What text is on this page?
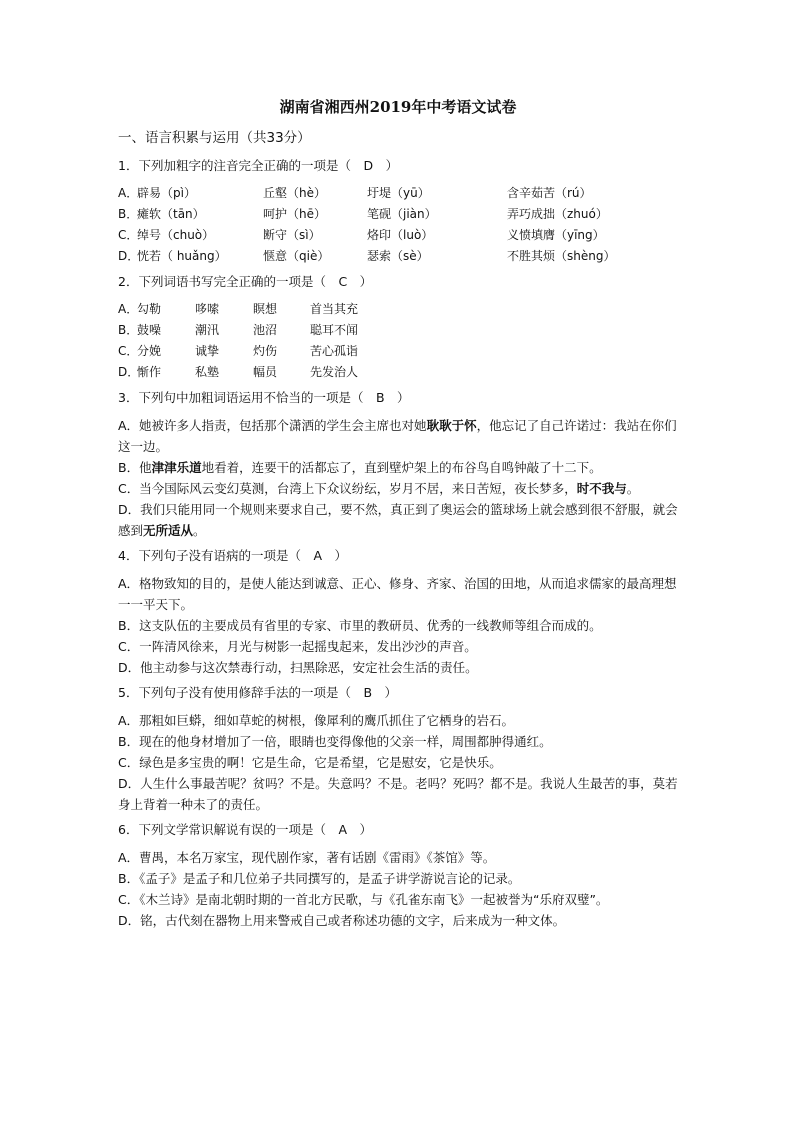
湖南省湘西州2019年中考语文试卷
一、语言积累与运用（共33分）
1．下列加粗字的注音完全正确的一项是（　D　）
A．
辟易（pì）	丘壑（hè）	圩堤（yū）	含辛茹苦（rú）
B．
瘫软（tān）	呵护（hē）	笔砚（jiàn）	弄巧成拙（zhuó）
C．
绰号（chuò）	断守（sì）	烙印（luò）	义愤填膺（yīng）
D．
恍若（ huǎng）	惬意（qiè）	瑟索（sè）	不胜其烦（shèng）
2．下列词语书写完全正确的一项是（　C　）
A．
勾勒	哆嗦	瞑想	首当其充
B．
鼓噪	潮汛	池沼	聪耳不闻
C．
分娩	诚挚	灼伤	苦心孤诣
D．
惭作	私塾	幅员	先发治人
3．下列句中加粗词语运用不恰当的一项是（　B　）

A．她被许多人指责，包括那个潇洒的学生会主席也对她耿耿于怀，他忘记了自己许诺过：我站在你们这一边。

B．他津津乐道地看着，连要干的活都忘了，直到壁炉架上的布谷鸟自鸣钟敲了十二下。

C．当今国际风云变幻莫测，台湾上下众议纷纭，岁月不居，来日苦短，夜长梦多，时不我与。

D．我们只能用同一个规则来要求自己，要不然，真正到了奥运会的篮球场上就会感到很不舒服，就会感到无所适从。

4．下列句子没有语病的一项是（　A　）

A．格物致知的目的，是使人能达到诚意、正心、修身、齐家、治国的田地，从而追求儒家的最高理想一一平天下。

B．这支队伍的主要成员有省里的专家、市里的教研员、优秀的一线教师等组合而成的。

C．一阵清风徐来，月光与树影一起摇曳起来，发出沙沙的声音。

D．他主动参与这次禁毒行动，扫黑除恶，安定社会生活的责任。

5．下列句子没有使用修辞手法的一项是（　B　）

A．那粗如巨蟒，细如草蛇的树根，像犀利的鹰爪抓住了它栖身的岩石。

B．现在的他身材增加了一倍，眼睛也变得像他的父亲一样，周围都肿得通红。

C．绿色是多宝贵的啊！它是生命，它是希望，它是慰安，它是快乐。

D．人生什么事最苦呢？贫吗？不是。失意吗？不是。老吗？死吗？都不是。我说人生最苦的事，莫若身上背着一种未了的责任。

6．下列文学常识解说有误的一项是（　A　）

A．曹禺，本名万家宝，现代剧作家，著有话剧《雷雨》《茶馆》等。

B．《孟子》是孟子和几位弟子共同撰写的，是孟子讲学游说言论的记录。

C．《木兰诗》是南北朝时期的一首北方民歌，与《孔雀东南飞》一起被誉为“乐府双璧”。

D．铭，古代刻在器物上用来警戒自己或者称述功德的文字，后来成为一种文体。
